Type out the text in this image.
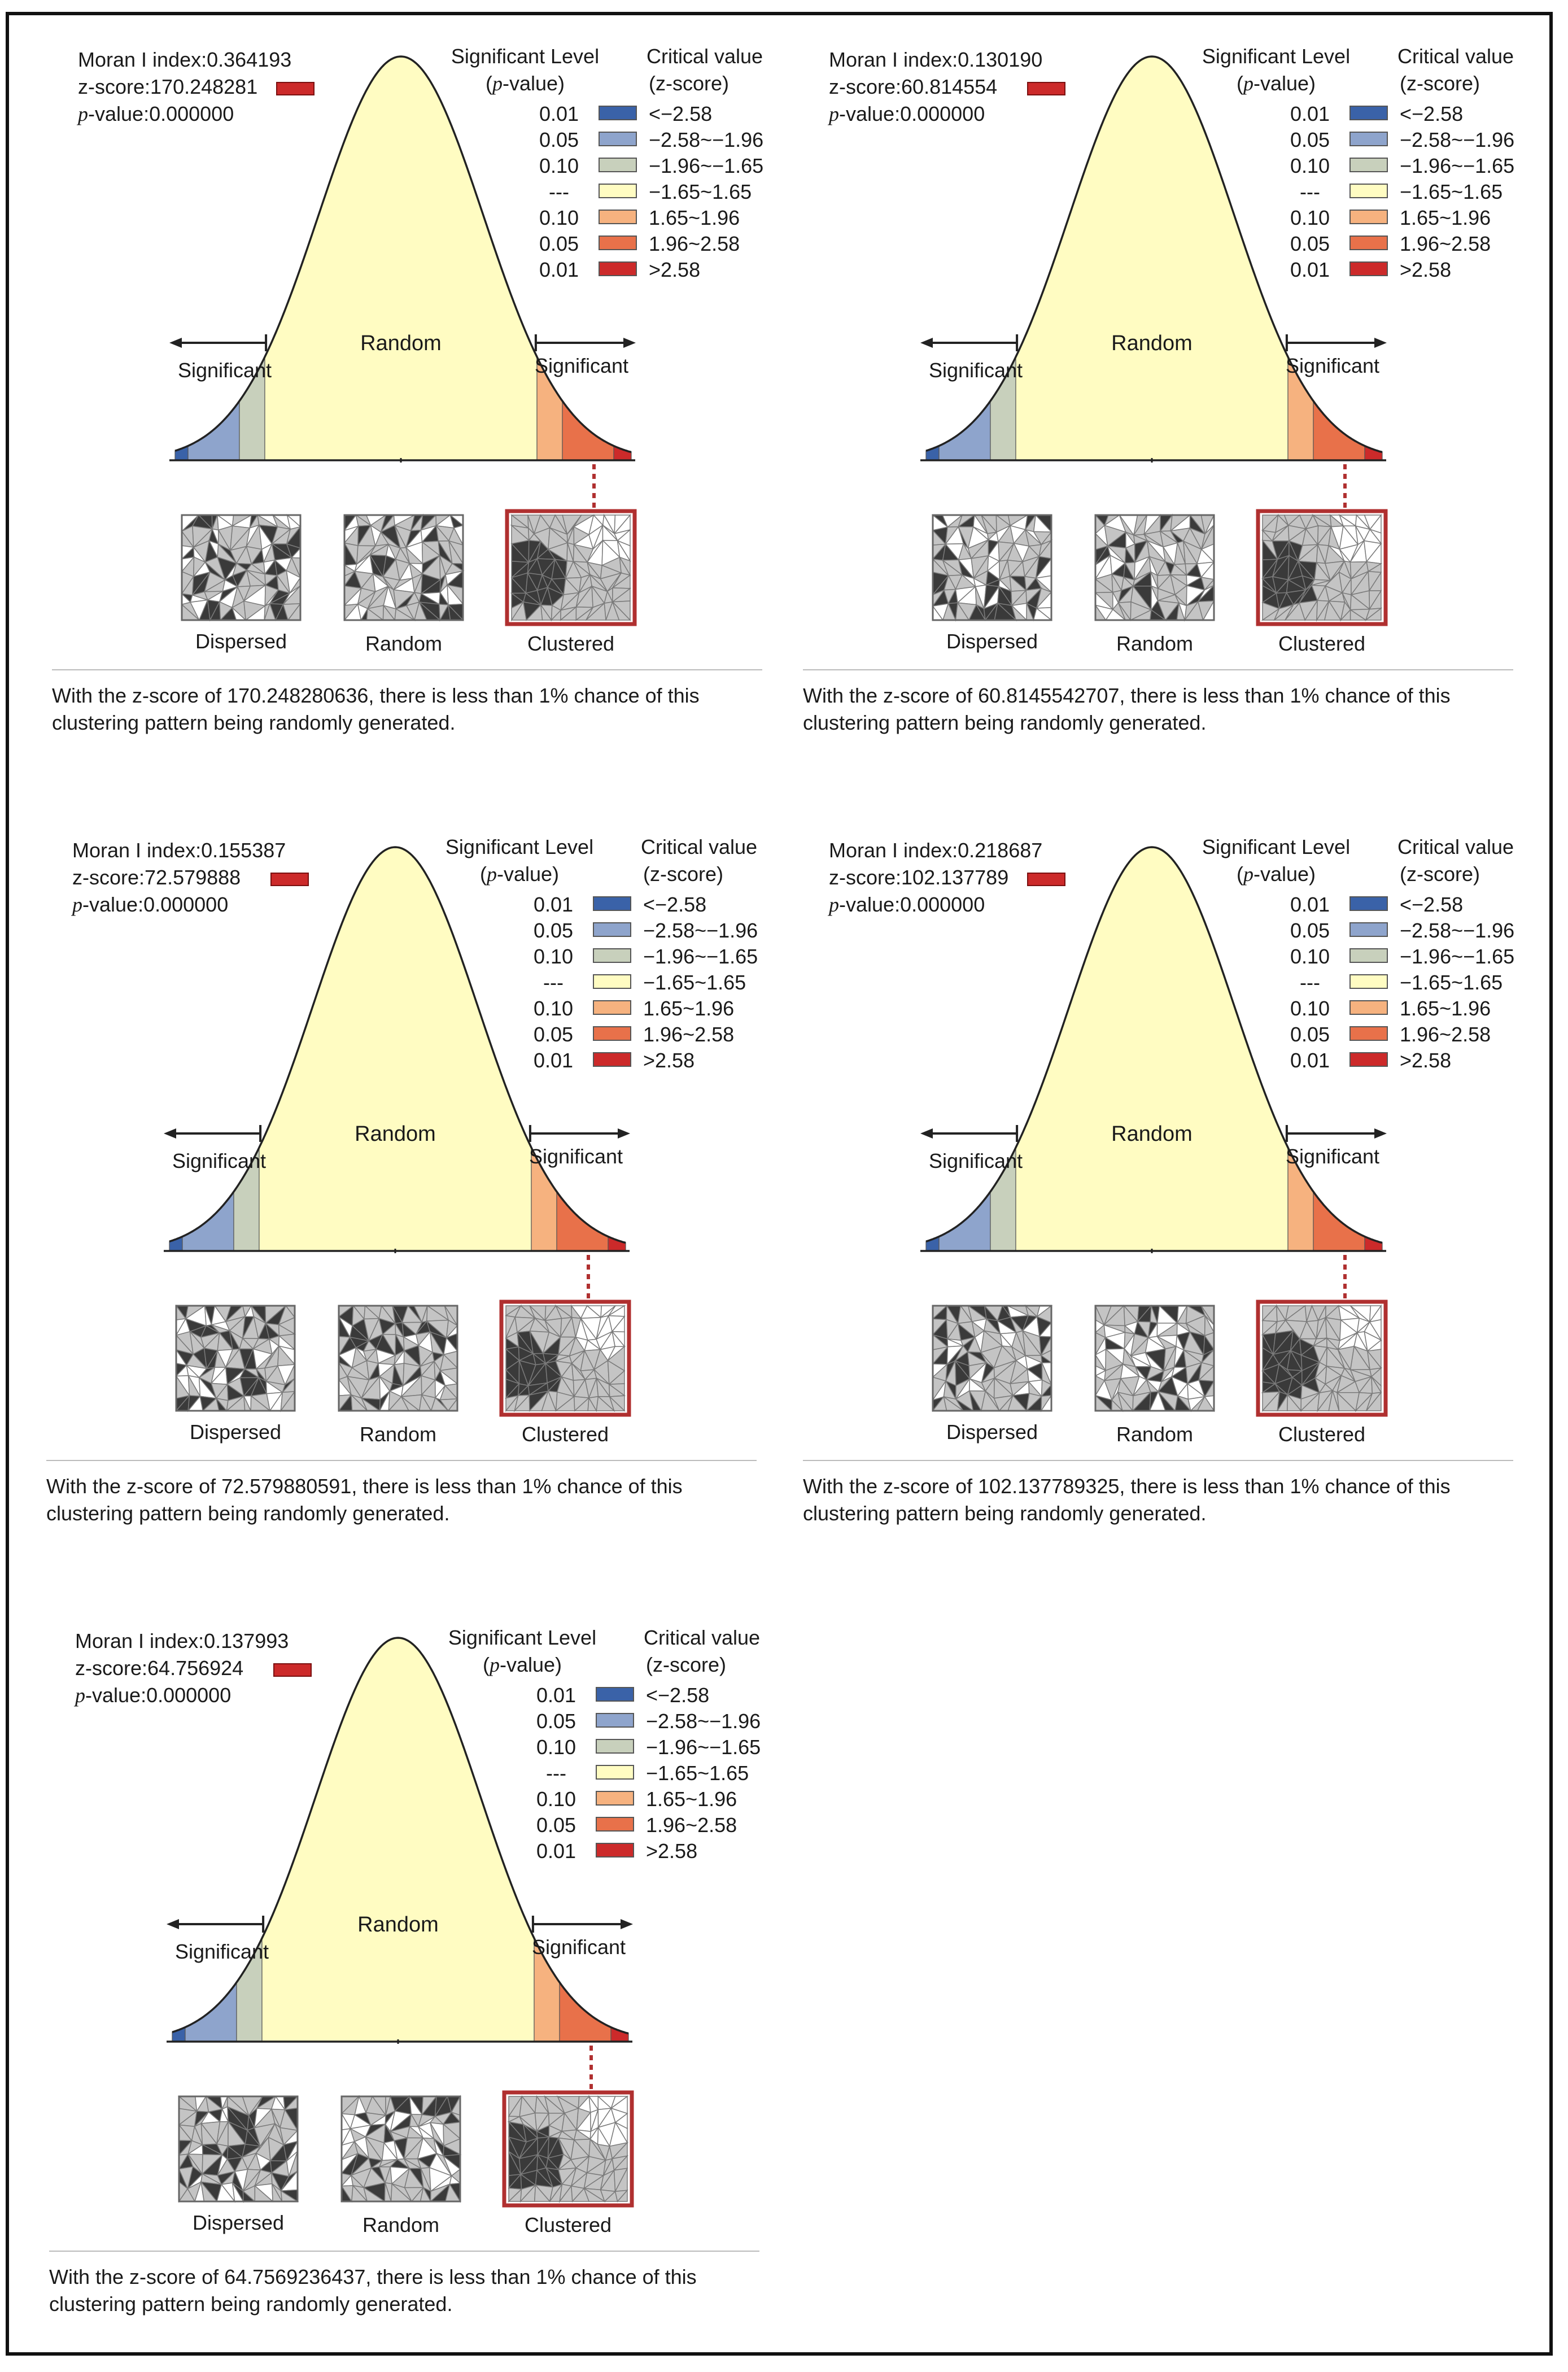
Moran I index:0.364193
z-score:170.248281
p-value:0.000000
Random
Significant	Significant
Significant Level
(p-value)
Critical value
(z-score)
0.01	<−2.58
0.05	−2.58~−1.96
0.10	−1.96~−1.65
---	−1.65~1.65
0.10	1.65~1.96
0.05	1.96~2.58
0.01	>2.58
Dispersed	Random	Clustered
With the z-score of 170.248280636, there is less than 1% chance of this
clustering pattern being randomly generated.
Moran I index:0.130190
z-score:60.814554
p-value:0.000000
Random
Significant	Significant
Significant Level
(p-value)
Critical value
(z-score)
0.01	<−2.58
0.05	−2.58~−1.96
0.10	−1.96~−1.65
---	−1.65~1.65
0.10	1.65~1.96
0.05	1.96~2.58
0.01	>2.58
Dispersed	Random	Clustered
With the z-score of 60.8145542707, there is less than 1% chance of this
clustering pattern being randomly generated.
Moran I index:0.155387
z-score:72.579888
p-value:0.000000
Random
Significant	Significant
Significant Level
(p-value)
Critical value
(z-score)
0.01	<−2.58
0.05	−2.58~−1.96
0.10	−1.96~−1.65
---	−1.65~1.65
0.10	1.65~1.96
0.05	1.96~2.58
0.01	>2.58
Dispersed	Random	Clustered
With the z-score of 72.579880591, there is less than 1% chance of this
clustering pattern being randomly generated.
Moran I index:0.218687
z-score:102.137789
p-value:0.000000
Random
Significant	Significant
Significant Level
(p-value)
Critical value
(z-score)
0.01	<−2.58
0.05	−2.58~−1.96
0.10	−1.96~−1.65
---	−1.65~1.65
0.10	1.65~1.96
0.05	1.96~2.58
0.01	>2.58
Dispersed	Random	Clustered
With the z-score of 102.137789325, there is less than 1% chance of this
clustering pattern being randomly generated.
Moran I index:0.137993
z-score:64.756924
p-value:0.000000
Random
Significant	Significant
Significant Level
(p-value)
Critical value
(z-score)
0.01	<−2.58
0.05	−2.58~−1.96
0.10	−1.96~−1.65
---	−1.65~1.65
0.10	1.65~1.96
0.05	1.96~2.58
0.01	>2.58
Dispersed	Random	Clustered
With the z-score of 64.7569236437, there is less than 1% chance of this
clustering pattern being randomly generated.
